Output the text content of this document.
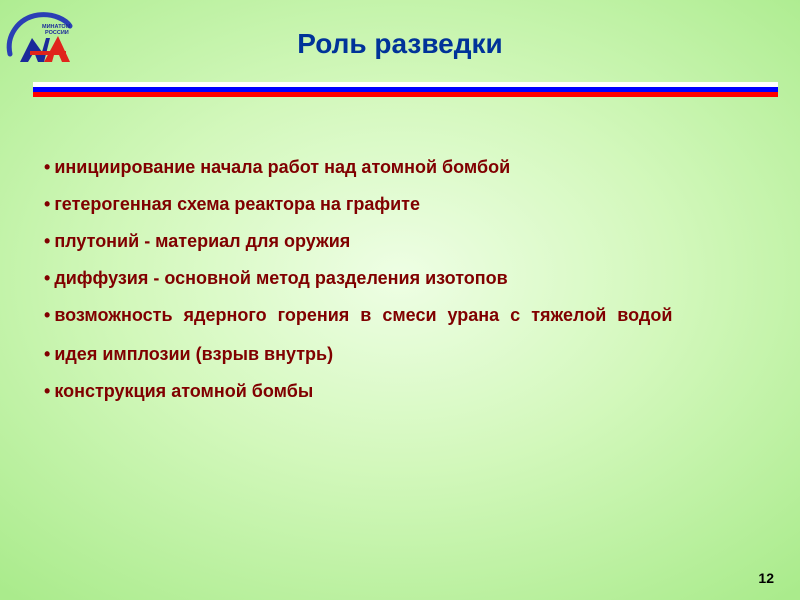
МИНАТОМ
РОССИИ	Роль разведки
• инициирование начала работ над атомной бомбой
• гетерогенная схема реактора на графите
• плутоний - материал для оружия
• диффузия - основной метод разделения изотопов
• возможность ядерного горения в смеси урана с тяжелой водой
• идея имплозии (взрыв внутрь)
• конструкция атомной бомбы
12
